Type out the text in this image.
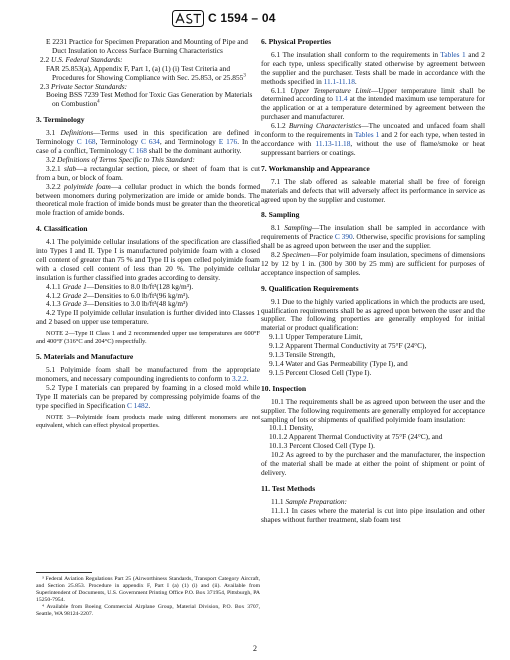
C 1594 – 04

E 2231 Practice for Specimen Preparation and Mounting of Pipe and Duct Insulation to Access Surface Burning Characteristics

2.2 U.S. Federal Standards:

FAR 25.853(a), Appendix F, Part 1, (a) (1) (i) Test Criteria and Procedures for Showing Compliance with Sec. 25.853, or 25.855$^3$

2.3 Private Sector Standards:

Boeing BSS 7239 Test Method for Toxic Gas Generation by Materials on Combustion$^4$

3. Terminology

3.1 Definitions—Terms used in this specification are defined in Terminology C 168, Terminology C 634, and Terminology E 176. In the case of a conflict, Terminology C 168 shall be the dominant authority.

3.2 Definitions of Terms Specific to This Standard:

3.2.1 slab—a rectangular section, piece, or sheet of foam that is cut from a bun, or block of foam.

3.2.2 polyimide foam—a cellular product in which the bonds formed between monomers during polymerization are imide or amide bonds. The theoretical mole fraction of imide bonds must be greater than the theoretical mole fraction of amide bonds.

4. Classification

4.1 The polyimide cellular insulations of the specification are classified into Types I and II. Type I is manufactured polyimide foam with a closed cell content of greater than 75 % and Type II is open celled polyimide foam with a closed cell content of less than 20 %. The polyimide cellular insulation is further classified into grades according to density.

4.1.1 Grade 1—Densities to 8.0 lb/ft³(128 kg/m³).

4.1.2 Grade 2—Densities to 6.0 lb/ft³(96 kg/m³).

4.1.3 Grade 3—Densities to 3.0 lb/ft³(48 kg/m³)

4.2 Type II polyimide cellular insulation is further divided into Classes 1 and 2 based on upper use temperature.

NOTE 2—Type II Class 1 and 2 recommended upper use temperatures are 600°F and 400°F (316°C and 204°C) respectfully.

5. Materials and Manufacture

5.1 Polyimide foam shall be manufactured from the appropriate monomers, and necessary compounding ingredients to conform to 3.2.2.

5.2 Type I materials can prepared by foaming in a closed mold while Type II materials can be prepared by compressing polyimide foams of the type specified in Specification C 1482.

NOTE 3—Polyimide foam products made using different monomers are not equivalent, which can effect physical properties.

³ Federal Aviation Regulations Part 25 (Airworthiness Standards, Transport Category Aircraft, and Section 25.853. Procedure in appendix F, Part I (a) (1) (i) and (ii). Available from Superintendent of Documents, U.S. Government Printing Office P.O. Box 371954, Pittsburgh, PA 15250-7954.

⁴ Available from Boeing Commercial Airplane Group, Material Division, P.O. Box 3707, Seattle, WA 98124-2207.

6. Physical Properties

6.1 The insulation shall conform to the requirements in Tables 1 and 2 for each type, unless specifically stated otherwise by agreement between the supplier and the purchaser. Tests shall be made in accordance with the methods specified in 11.1-11.18.

6.1.1 Upper Temperature Limit—Upper temperature limit shall be determined according to 11.4 at the intended maximum use temperature for the application or at a temperature determined by agreement between the purchaser and manufacturer.

6.1.2 Burning Characteristics—The uncoated and unfaced foam shall conform to the requirements in Tables 1 and 2 for each type, when tested in accordance with 11.13-11.18, without the use of flame/smoke or heat suppressant barriers or coatings.

7. Workmanship and Appearance

7.1 The slab offered as saleable material shall be free of foreign materials and defects that will adversely affect its performance in service as agreed upon by the supplier and customer.

8. Sampling

8.1 Sampling—The insulation shall be sampled in accordance with requirements of Practice C 390. Otherwise, specific provisions for sampling shall be as agreed upon between the user and the supplier.

8.2 Specimen—For polyimide foam insulation, specimens of dimensions 12 by 12 by 1 in. (300 by 300 by 25 mm) are sufficient for purposes of acceptance inspection of samples.

9. Qualification Requirements

9.1 Due to the highly varied applications in which the products are used, qualification requirements shall be as agreed upon between the user and the supplier. The following properties are generally employed for initial material or product qualification:

9.1.1 Upper Temperature Limit,

9.1.2 Apparent Thermal Conductivity at 75°F (24°C),

9.1.3 Tensile Strength,

9.1.4 Water and Gas Permeability (Type I), and

9.1.5 Percent Closed Cell (Type I).

10. Inspection

10.1 The requirements shall be as agreed upon between the user and the supplier. The following requirements are generally employed for acceptance sampling of lots or shipments of qualified polyimide foam insulation:

10.1.1 Density,

10.1.2 Apparent Thermal Conductivity at 75°F (24°C), and

10.1.3 Percent Closed Cell (Type I).

10.2 As agreed to by the purchaser and the manufacturer, the inspection of the material shall be made at either the point of shipment or point of delivery.

11. Test Methods

11.1 Sample Preparation:

11.1.1 In cases where the material is cut into pipe insulation and other shapes without further treatment, slab foam test

2
